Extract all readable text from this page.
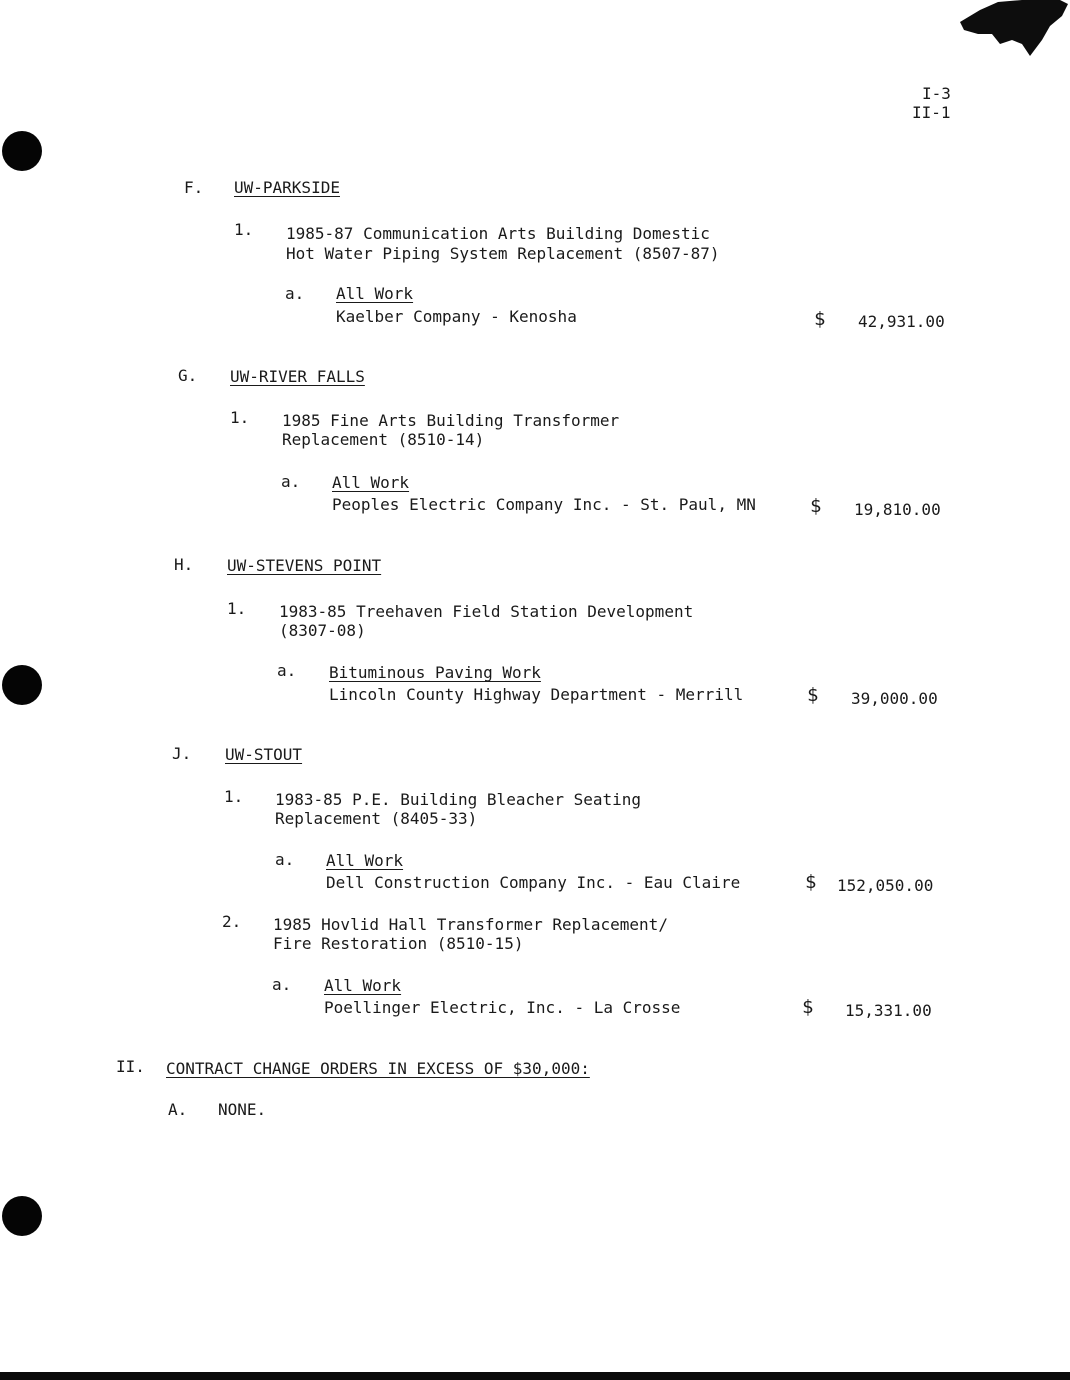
I-3
II-1
F. UW-PARKSIDE
1. 1985-87 Communication Arts Building Domestic
Hot Water Piping System Replacement (8507-87)
a. All Work
Kaelber Company - Kenosha	$ 42,931.00
G. UW-RIVER FALLS
1. 1985 Fine Arts Building Transformer
Replacement (8510-14)
a. All Work
Peoples Electric Company Inc. - St. Paul, MN	$ 19,810.00
H. UW-STEVENS POINT
1. 1983-85 Treehaven Field Station Development
(8307-08)
a. Bituminous Paving Work
Lincoln County Highway Department - Merrill	$ 39,000.00
J. UW-STOUT
1. 1983-85 P.E. Building Bleacher Seating
Replacement (8405-33)
a. All Work
Dell Construction Company Inc. - Eau Claire	$ 152,050.00
2. 1985 Hovlid Hall Transformer Replacement/
Fire Restoration (8510-15)
a. All Work
Poellinger Electric, Inc. - La Crosse	$ 15,331.00
II. CONTRACT CHANGE ORDERS IN EXCESS OF $30,000:
A. NONE.
